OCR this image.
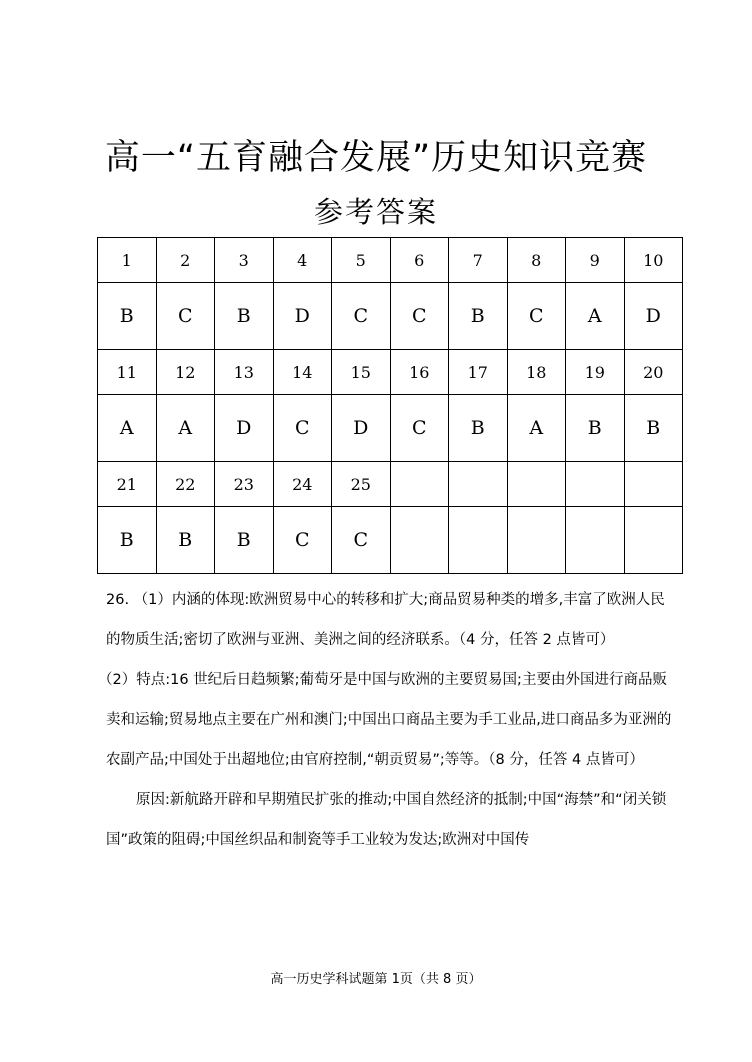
高一“五育融合发展”历史知识竞赛
参考答案
1	2	3	4	5	6	7	8	9	10
B	C	B	D	C	C	B	C	A	D
11	12	13	14	15	16	17	18	19	20
A	A	D	C	D	C	B	A	B	B
21	22	23	24	25					
B	B	B	C	C					

26. （1）内涵的体现:欧洲贸易中心的转移和扩大;商品贸易种类的增多,丰富了欧洲人民的物质生活;密切了欧洲与亚洲、美洲之间的经济联系。（4 分，任答 2 点皆可）

（2）特点:16 世纪后日趋频繁;葡萄牙是中国与欧洲的主要贸易国;主要由外国进行商品贩卖和运输;贸易地点主要在广州和澳门;中国出口商品主要为手工业品,进口商品多为亚洲的农副产品;中国处于出超地位;由官府控制,“朝贡贸易”;等等。（8 分，任答 4 点皆可）

原因:新航路开辟和早期殖民扩张的推动;中国自然经济的抵制;中国“海禁”和“闭关锁国”政策的阻碍;中国丝织品和制瓷等手工业较为发达;欧洲对中国传

高一历史学科试题第 1页（共 8 页）
